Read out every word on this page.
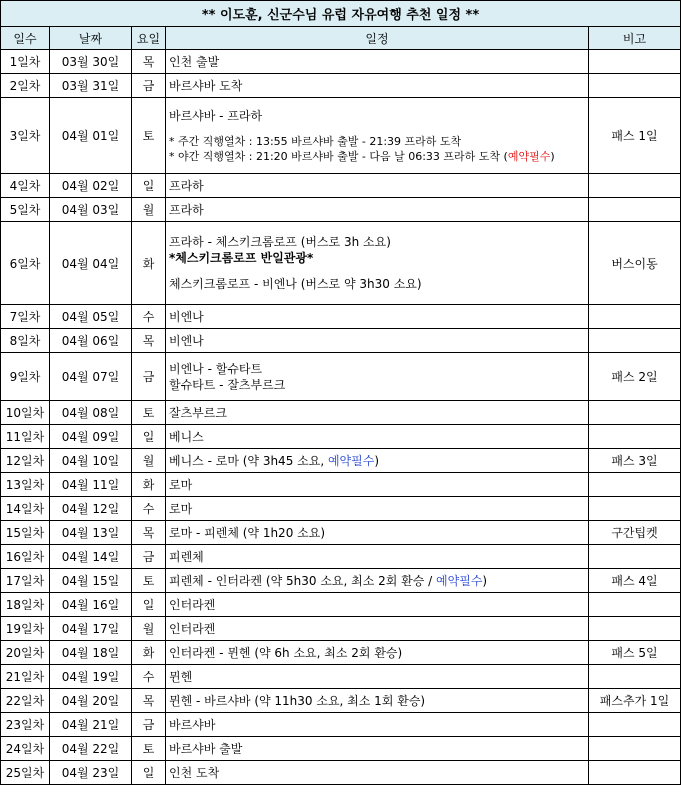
** 이도훈, 신군수님 유럽 자유여행 추천 일정 **				
일수	날짜	요일	일정	비고
1일차	03월 30일	목	인천 출발	
2일차	03월 31일	금	바르샤바 도착	
3일차	04월 01일	토	바르샤바 - 프라하
* 주간 직행열차 : 13:55 바르샤바 출발 - 21:39 프라하 도착
* 야간 직행열차 : 21:20 바르샤바 출발 - 다음 날 06:33 프라하 도착 (예약필수)	패스 1일
4일차	04월 02일	일	프라하	
5일차	04월 03일	월	프라하	
6일차	04월 04일	화	프라하 - 체스키크롬로프 (버스로 3h 소요)
*체스키크롬로프 반일관광*
체스키크롬로프 - 비엔나 (버스로 약 3h30 소요)	버스이동
7일차	04월 05일	수	비엔나	
8일차	04월 06일	목	비엔나	
9일차	04월 07일	금	비엔나 - 할슈타트
할슈타트 - 잘츠부르크	패스 2일
10일차	04월 08일	토	잘츠부르크	
11일차	04월 09일	일	베니스	
12일차	04월 10일	월	베니스 - 로마 (약 3h45 소요, 예약필수)	패스 3일
13일차	04월 11일	화	로마	
14일차	04월 12일	수	로마	
15일차	04월 13일	목	로마 - 피렌체 (약 1h20 소요)	구간팁켓
16일차	04월 14일	금	피렌체	
17일차	04월 15일	토	피렌체 - 인터라켄 (약 5h30 소요, 최소 2회 환승 / 예약필수)	패스 4일
18일차	04월 16일	일	인터라켄	
19일차	04월 17일	월	인터라켄	
20일차	04월 18일	화	인터라켄 - 뮌헨 (약 6h 소요, 최소 2회 환승)	패스 5일
21일차	04월 19일	수	뮌헨	
22일차	04월 20일	목	뮌헨 - 바르샤바 (약 11h30 소요, 최소 1회 환승)	패스추가 1일
23일차	04월 21일	금	바르샤바	
24일차	04월 22일	토	바르샤바 출발	
25일차	04월 23일	일	인천 도착	
